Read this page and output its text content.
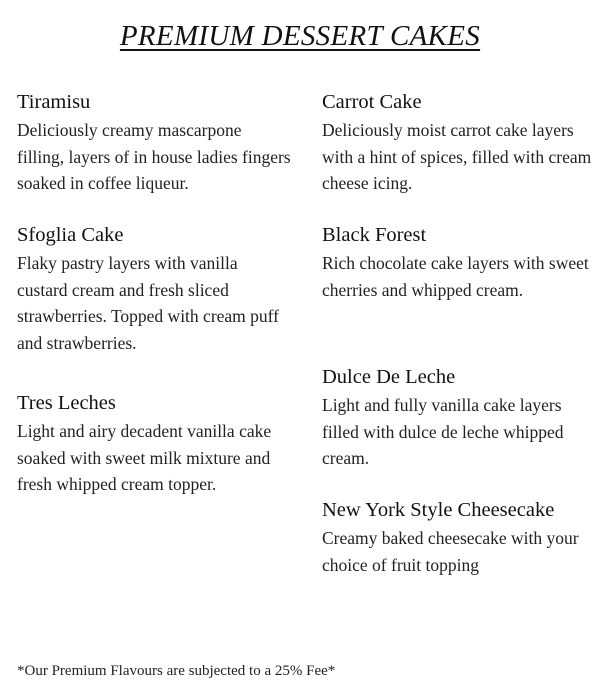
PREMIUM DESSERT CAKES
Tiramisu
Deliciously creamy mascarpone filling, layers of in house ladies fingers soaked in coffee liqueur.
Sfoglia Cake
Flaky pastry layers with vanilla custard cream and fresh sliced strawberries. Topped with cream puff and strawberries.
Tres Leches
Light and airy decadent vanilla cake soaked with sweet milk mixture and fresh whipped cream topper.
Carrot Cake
Deliciously moist carrot cake layers with a hint of spices, filled with cream cheese icing.
Black Forest
Rich chocolate cake layers with sweet cherries and whipped cream.
Dulce De Leche
Light and fully vanilla cake layers filled with dulce de leche whipped cream.
New York Style Cheesecake
Creamy baked cheesecake with your choice of fruit topping
*Our Premium Flavours are subjected to a 25% Fee*
